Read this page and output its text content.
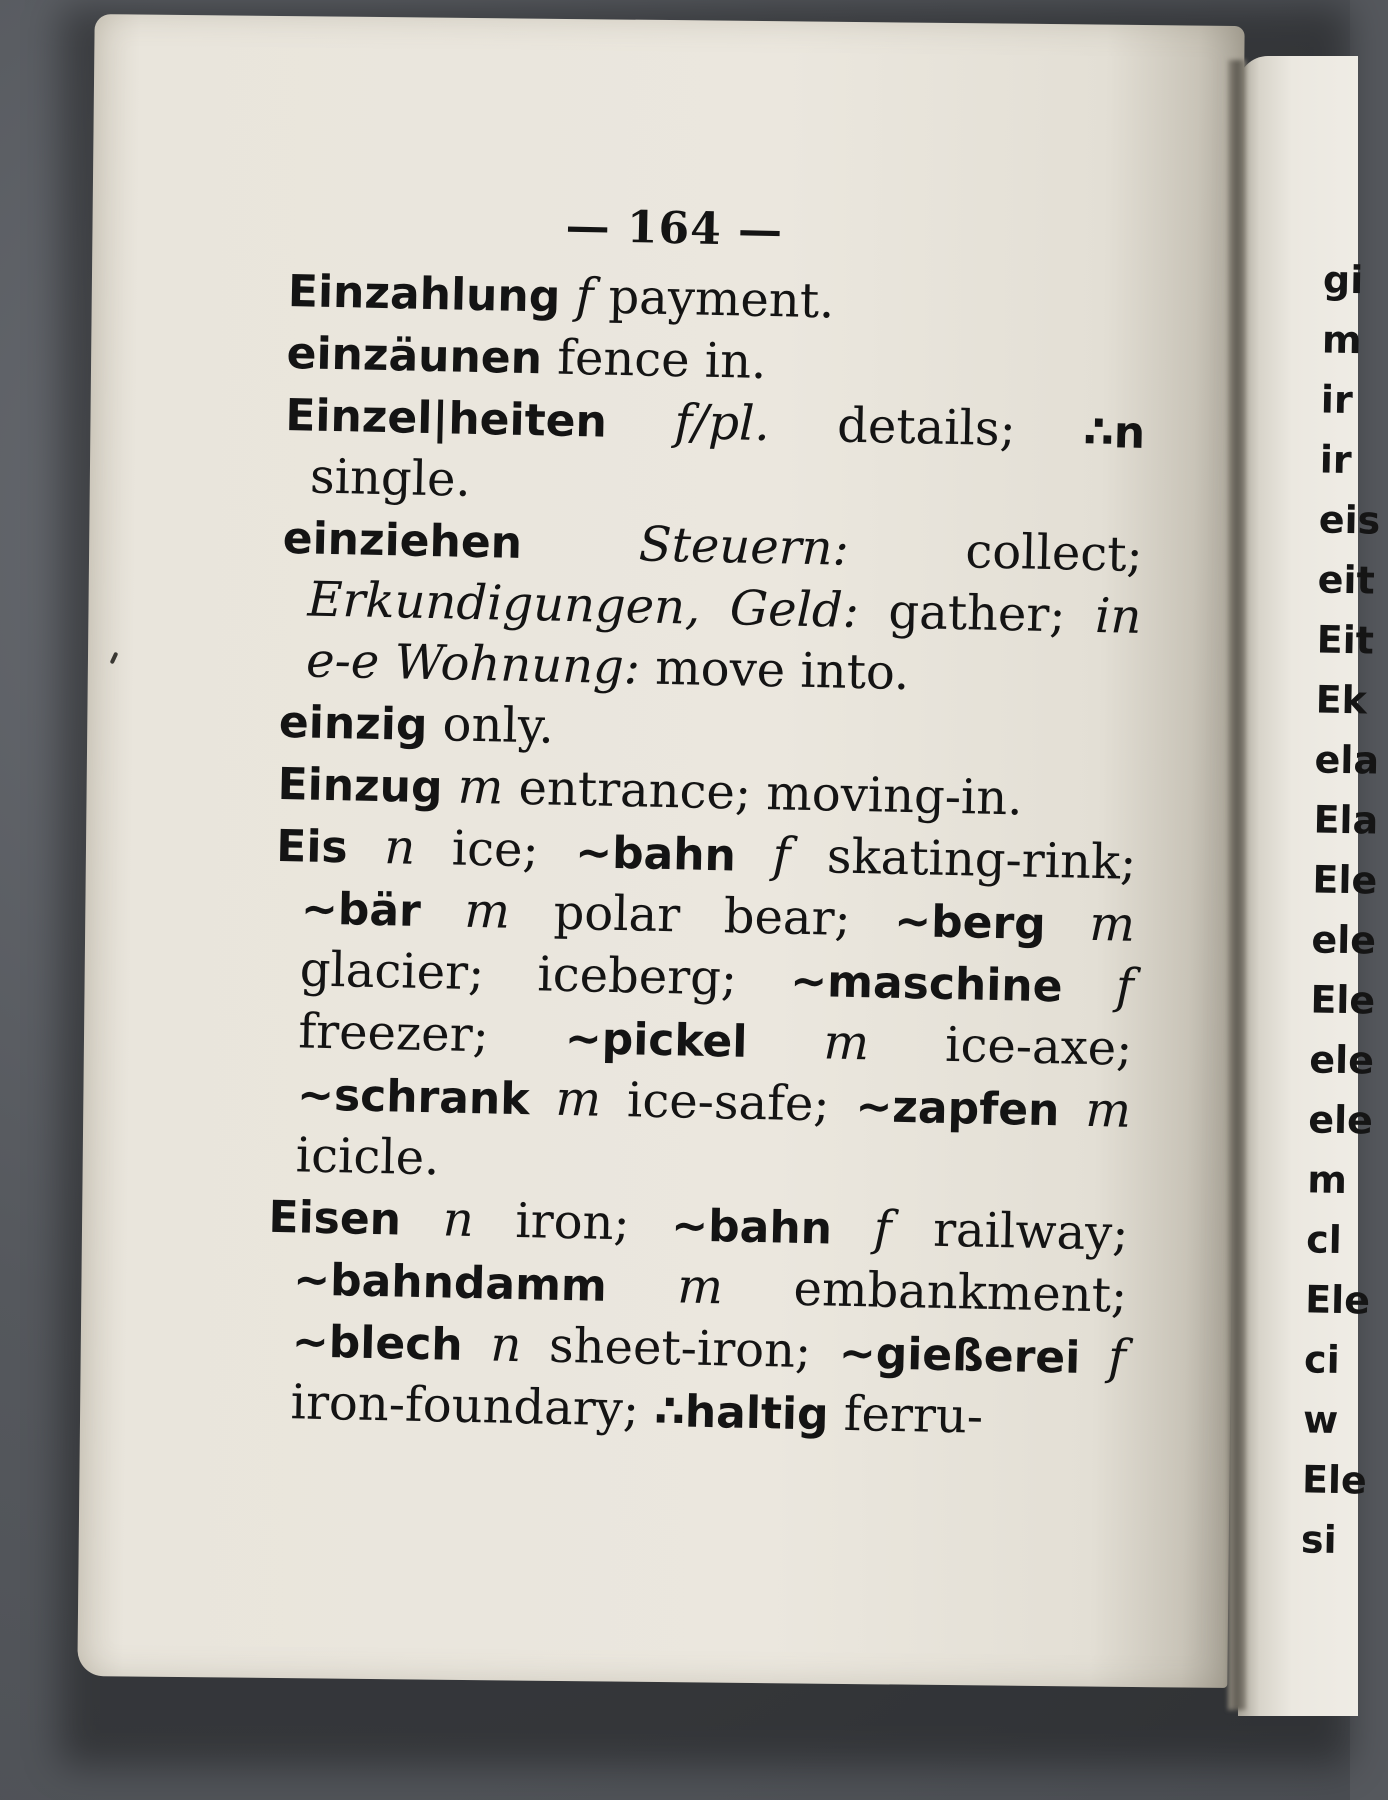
— 164 —
Einzahlung f payment.
einzäunen fence in.
Einzel|heiten f/pl. details; ∴n single.
einziehen Steuern: collect; Erkundigungen, Geld: gather; in e-e Wohnung: move into.
einzig only.
Einzug m entrance; moving-in.
Eis n ice; ~bahn f skating-rink; ~bär m polar bear; ~berg m glacier; iceberg; ~maschine f freezer; ~pickel m ice-axe; ~schrank m ice-safe; ~zapfen m icicle.
Eisen n iron; ~bahn f railway; ~bahndamm m embankment; ~blech n sheet-iron; ~gießerei f iron-foundary; ∴haltig ferru-
gi
m
ir
ir
eis
eit
Eit
Ek
ela
Ela
Ele
ele
Ele
ele
ele
m
cl
Ele
ci
w
Ele
si
